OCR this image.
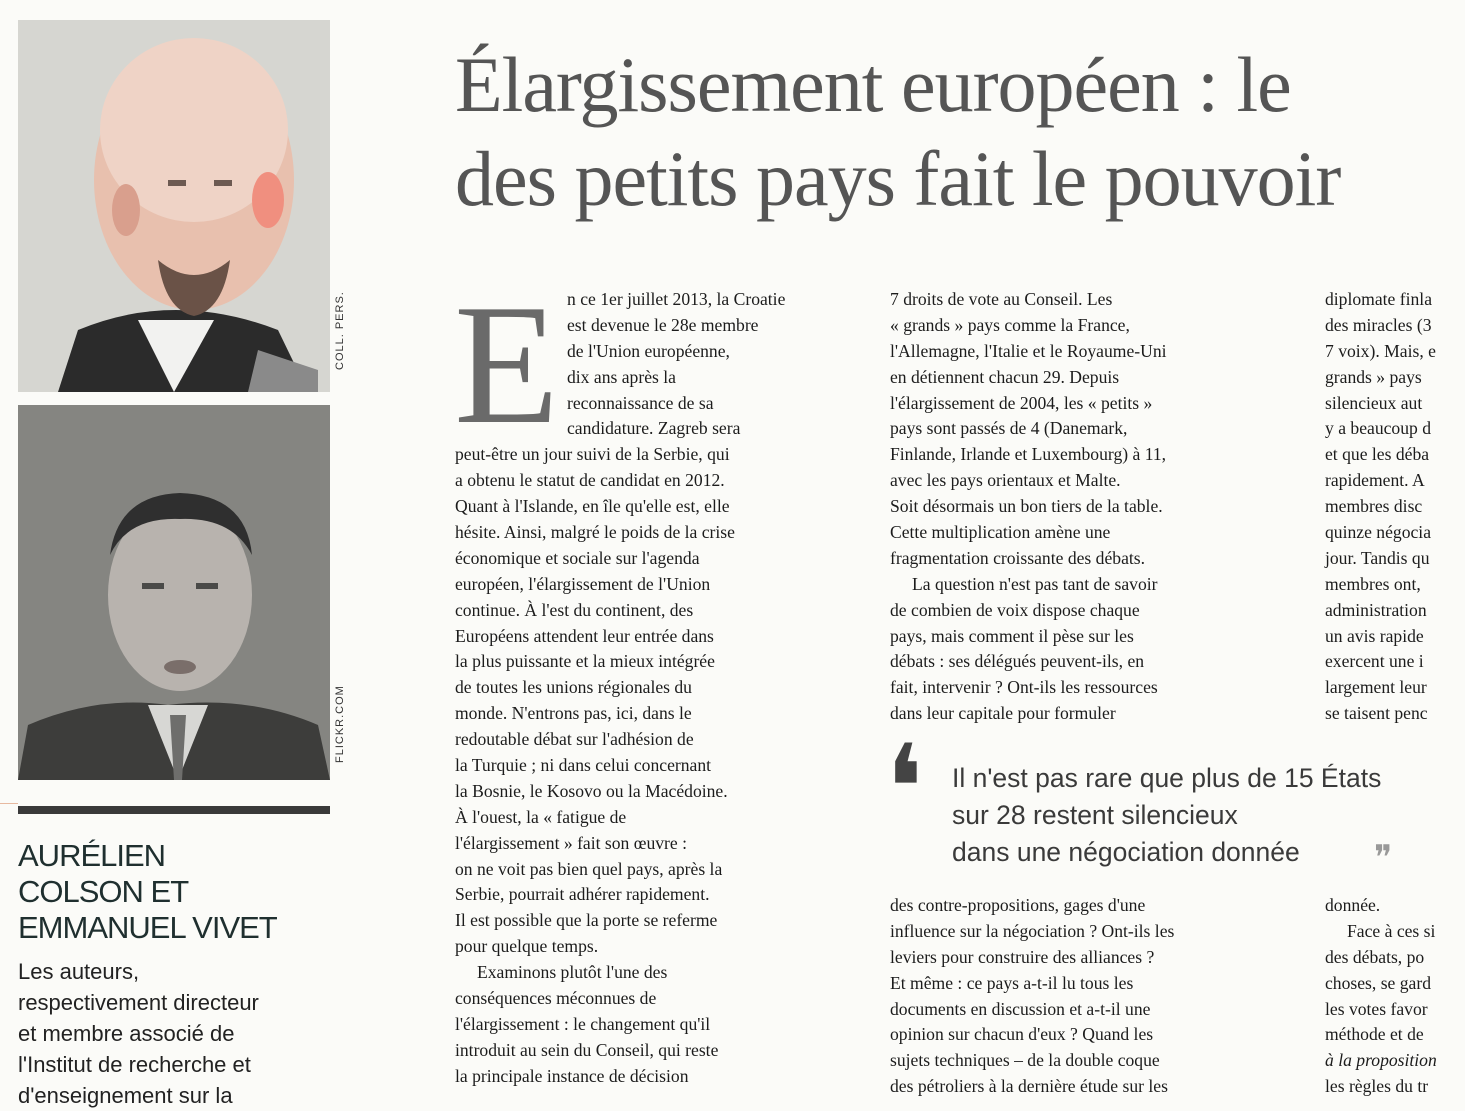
COLL. PERS.
FLICKR.COM
AURÉLIEN
COLSON ET
EMMANUEL VIVET
Les auteurs,
respectivement directeur
et membre associé de
l'Institut de recherche et
d'enseignement sur la
Élargissement européen : le
des petits pays fait le pouvoir
E n ce 1er juillet 2013, la Croatie
est devenue le 28e membre
de l'Union européenne,
dix ans après la
reconnaissance de sa
candidature. Zagreb sera
peut-être un jour suivi de la Serbie, qui
a obtenu le statut de candidat en 2012.
Quant à l'Islande, en île qu'elle est, elle
hésite. Ainsi, malgré le poids de la crise
économique et sociale sur l'agenda
européen, l'élargissement de l'Union
continue. À l'est du continent, des
Européens attendent leur entrée dans
la plus puissante et la mieux intégrée
de toutes les unions régionales du
monde. N'entrons pas, ici, dans le
redoutable débat sur l'adhésion de
la Turquie ; ni dans celui concernant
la Bosnie, le Kosovo ou la Macédoine.
À l'ouest, la « fatigue de
l'élargissement » fait son œuvre :
on ne voit pas bien quel pays, après la
Serbie, pourrait adhérer rapidement.
Il est possible que la porte se referme
pour quelque temps.
Examinons plutôt l'une des
conséquences méconnues de
l'élargissement : le changement qu'il
introduit au sein du Conseil, qui reste
la principale instance de décision
7 droits de vote au Conseil. Les
« grands » pays comme la France,
l'Allemagne, l'Italie et le Royaume-Uni
en détiennent chacun 29. Depuis
l'élargissement de 2004, les « petits »
pays sont passés de 4 (Danemark,
Finlande, Irlande et Luxembourg) à 11,
avec les pays orientaux et Malte.
Soit désormais un bon tiers de la table.
Cette multiplication amène une
fragmentation croissante des débats.
La question n'est pas tant de savoir
de combien de voix dispose chaque
pays, mais comment il pèse sur les
débats : ses délégués peuvent-ils, en
fait, intervenir ? Ont-ils les ressources
dans leur capitale pour formuler
diplomate finla
des miracles (3
7 voix). Mais, e
grands » pays
silencieux aut
y a beaucoup d
et que les déba
rapidement. A
membres disc
quinze négocia
jour. Tandis qu
membres ont,
administration
un avis rapide
exercent une i
largement leur
se taisent penc
❛ Il n'est pas rare que plus de 15 États
sur 28 restent silencieux
dans une négociation donnée	❞
des contre-propositions, gages d'une
influence sur la négociation ? Ont-ils les
leviers pour construire des alliances ?
Et même : ce pays a-t-il lu tous les
documents en discussion et a-t-il une
opinion sur chacun d'eux ? Quand les
sujets techniques – de la double coque
des pétroliers à la dernière étude sur les
donnée.
Face à ces si
des débats, po
choses, se gard
les votes favor
méthode et de
à la proposition
les règles du tr
